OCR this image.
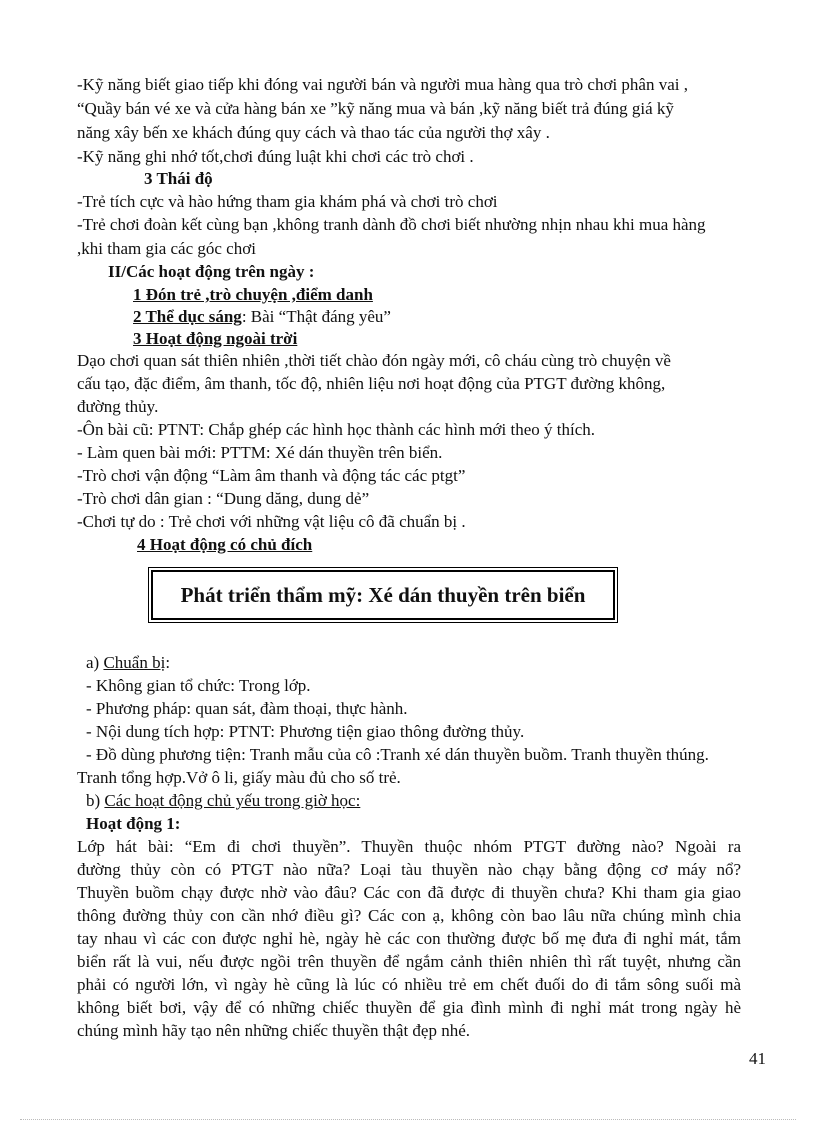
-Kỹ năng biết giao tiếp khi đóng vai người bán và người mua hàng qua trò chơi phân vai ,
“Quầy bán vé xe và cửa hàng bán xe ”kỹ năng mua và bán ,kỹ năng biết trả đúng giá kỹ
năng xây bến xe khách đúng quy cách và thao tác của người thợ xây .
-Kỹ năng ghi nhớ tốt,chơi đúng luật khi chơi các trò chơi .
3 Thái độ
-Trẻ tích cực và hào hứng tham gia khám phá và chơi trò chơi
-Trẻ chơi đoàn kết cùng bạn ,không tranh dành đồ chơi biết nhường nhịn nhau khi mua hàng
,khi tham gia các góc chơi
II/Các hoạt động trên ngày :
1 Đón trẻ ,trò chuyện ,điểm danh
2 Thể dục sáng: Bài “Thật đáng yêu”
3 Hoạt động ngoài trời
Dạo chơi quan sát thiên nhiên ,thời tiết chào đón ngày mới, cô cháu cùng trò chuyện về
cấu tạo, đặc điểm, âm thanh, tốc độ, nhiên liệu nơi hoạt động của PTGT đường không,
đường thủy.
-Ôn bài cũ: PTNT: Chắp ghép các hình học thành các hình mới theo ý thích.
- Làm quen bài mới: PTTM: Xé dán thuyền trên biển.
-Trò chơi vận động “Làm âm thanh và động tác các ptgt”
-Trò chơi dân gian : “Dung dăng, dung dẻ”
-Chơi tự do : Trẻ chơi với những vật liệu cô đã chuẩn bị .
4 Hoạt động có chủ đích
Phát triển thẩm mỹ: Xé dán thuyền trên biển
a) Chuẩn bị:
- Không gian tổ chức: Trong lớp.
- Phương pháp: quan sát, đàm thoại, thực hành.
- Nội dung tích hợp: PTNT: Phương tiện giao thông đường thủy.
- Đồ dùng phương tiện: Tranh mẫu của cô :Tranh xé dán thuyền buồm. Tranh thuyền thúng.
Tranh tổng hợp.Vở ô li, giấy màu đủ cho số trẻ.
b) Các hoạt động chủ yếu trong giờ học:
Hoạt động 1:
Lớp hát bài: “Em đi chơi thuyền”. Thuyền thuộc nhóm PTGT đường nào? Ngoài ra
đường thủy còn có PTGT nào nữa? Loại tàu thuyền nào chạy bằng động cơ máy nổ?
Thuyền buồm chạy được nhờ vào đâu? Các con đã được đi thuyền chưa? Khi tham gia giao
thông đường thủy con cần nhớ điều gì? Các con ạ, không còn bao lâu nữa chúng mình chia
tay nhau vì các con được nghỉ hè, ngày hè các con thường được bố mẹ đưa đi nghỉ mát, tắm
biển rất là vui, nếu được ngồi trên thuyền để ngắm cảnh thiên nhiên thì rất tuyệt, nhưng cần
phải có người lớn, vì ngày hè cũng là lúc có nhiều trẻ em chết đuối do đi tắm sông suối mà
không biết bơi, vậy để có những chiếc thuyền để gia đình mình đi nghỉ mát trong ngày hè
chúng mình hãy tạo nên những chiếc thuyền thật đẹp nhé.
41
